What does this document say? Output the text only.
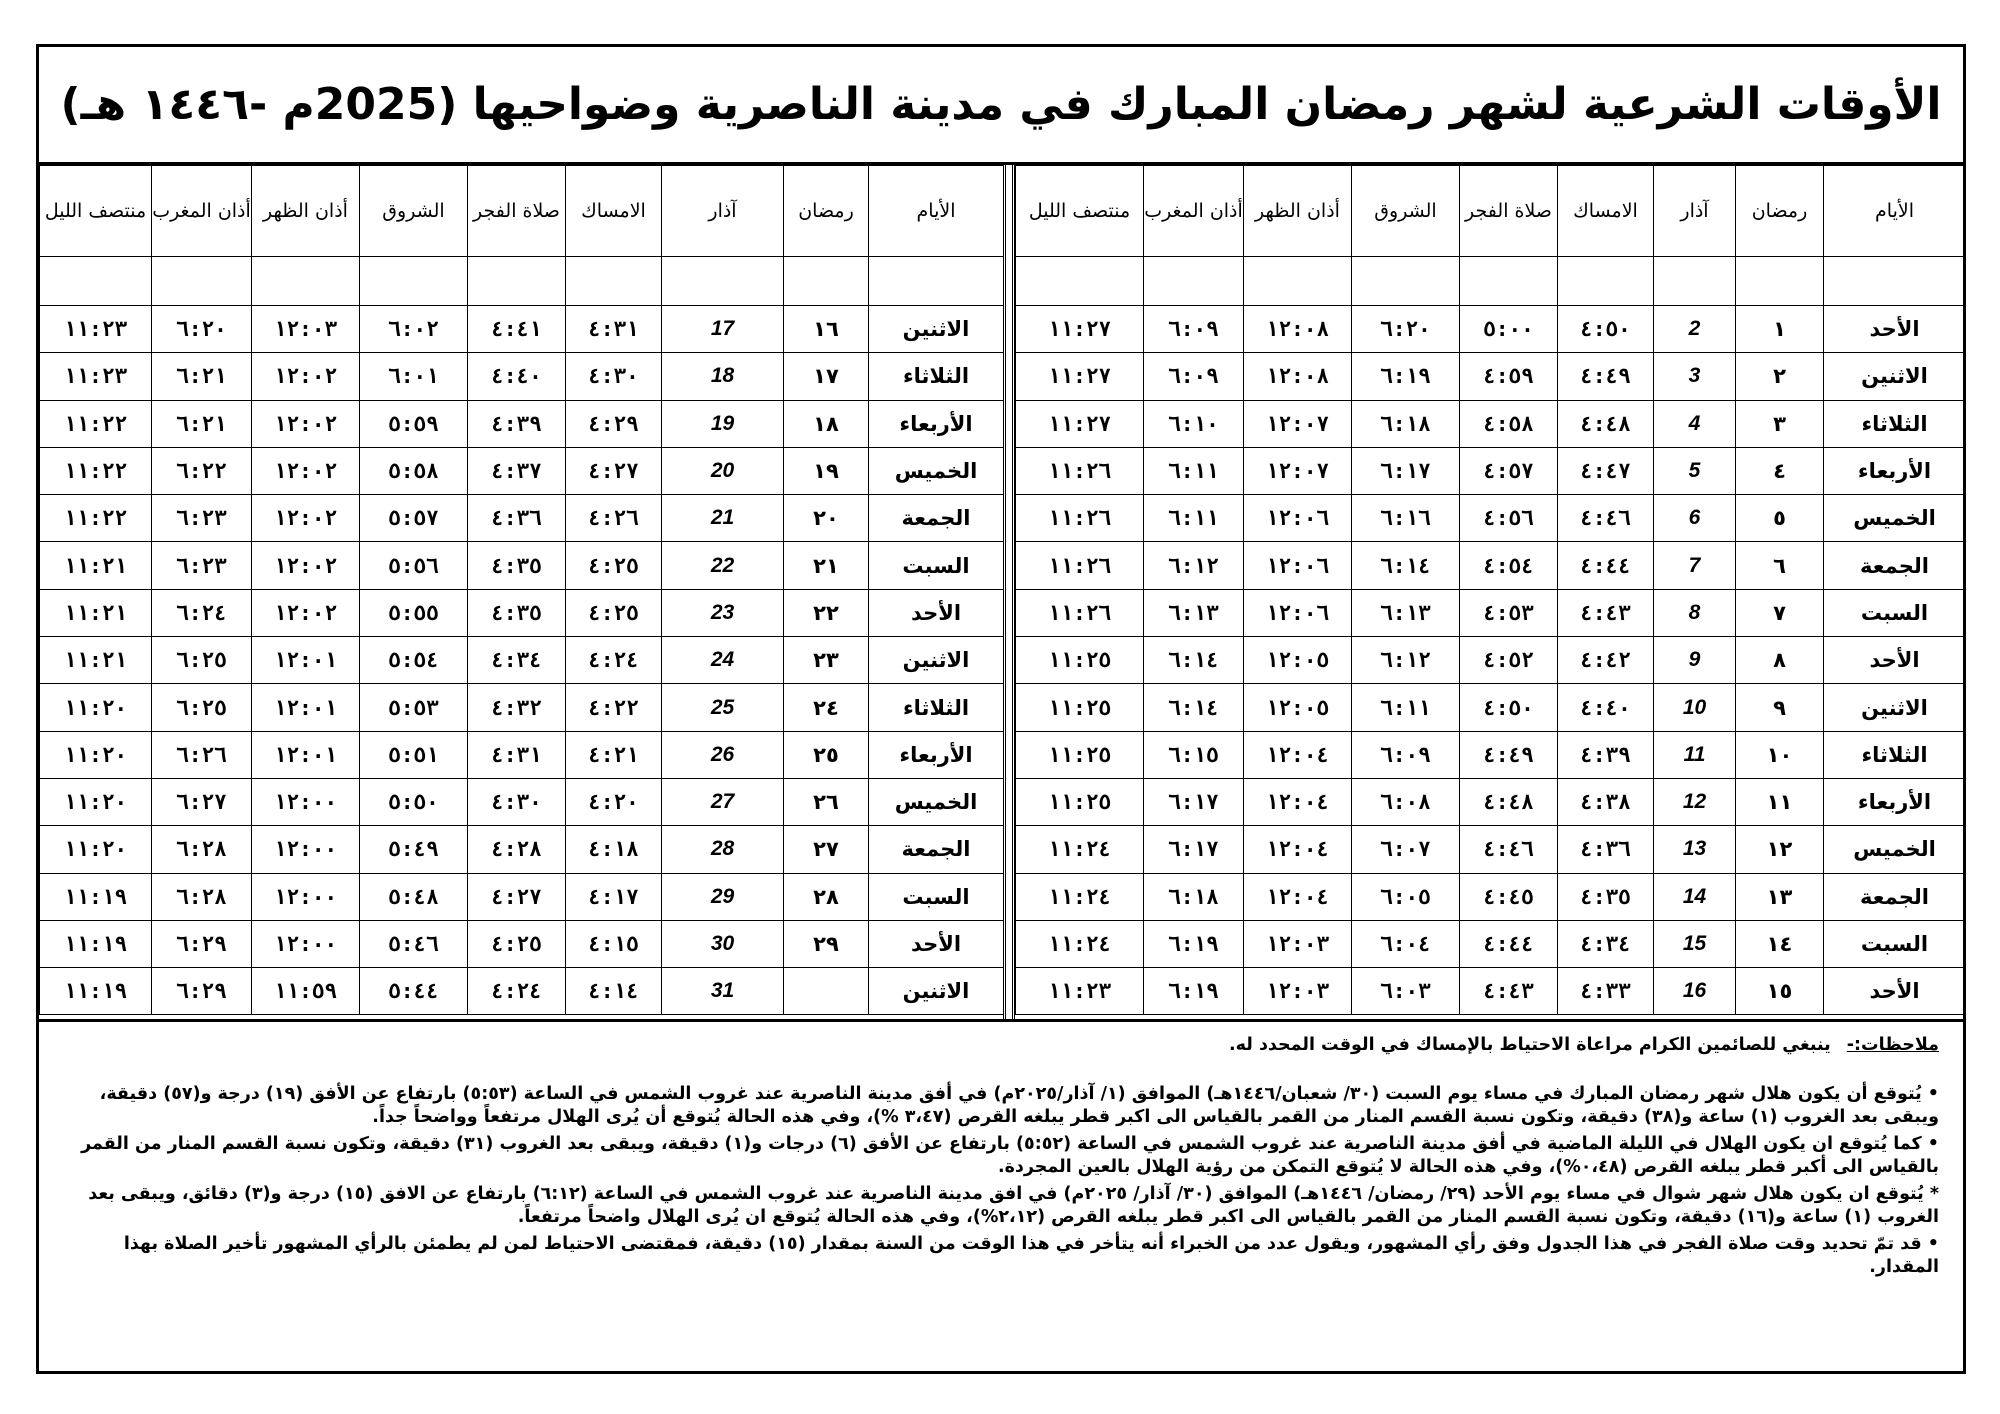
الأوقات الشرعية لشهر رمضان المبارك في مدينة الناصرية وضواحيها (2025م -١٤٤٦ هـ)
الأيام	رمضان	آذار	الامساك	صلاة الفجر	الشروق	أذان الظهر	أذان المغرب	منتصف الليل

الأحد	١	2	٤:٥٠	٥:٠٠	٦:٢٠	١٢:٠٨	٦:٠٩	١١:٢٧
الاثنين	٢	3	٤:٤٩	٤:٥٩	٦:١٩	١٢:٠٨	٦:٠٩	١١:٢٧
الثلاثاء	٣	4	٤:٤٨	٤:٥٨	٦:١٨	١٢:٠٧	٦:١٠	١١:٢٧
الأربعاء	٤	5	٤:٤٧	٤:٥٧	٦:١٧	١٢:٠٧	٦:١١	١١:٢٦
الخميس	٥	6	٤:٤٦	٤:٥٦	٦:١٦	١٢:٠٦	٦:١١	١١:٢٦
الجمعة	٦	7	٤:٤٤	٤:٥٤	٦:١٤	١٢:٠٦	٦:١٢	١١:٢٦
السبت	٧	8	٤:٤٣	٤:٥٣	٦:١٣	١٢:٠٦	٦:١٣	١١:٢٦
الأحد	٨	9	٤:٤٢	٤:٥٢	٦:١٢	١٢:٠٥	٦:١٤	١١:٢٥
الاثنين	٩	10	٤:٤٠	٤:٥٠	٦:١١	١٢:٠٥	٦:١٤	١١:٢٥
الثلاثاء	١٠	11	٤:٣٩	٤:٤٩	٦:٠٩	١٢:٠٤	٦:١٥	١١:٢٥
الأربعاء	١١	12	٤:٣٨	٤:٤٨	٦:٠٨	١٢:٠٤	٦:١٧	١١:٢٥
الخميس	١٢	13	٤:٣٦	٤:٤٦	٦:٠٧	١٢:٠٤	٦:١٧	١١:٢٤
الجمعة	١٣	14	٤:٣٥	٤:٤٥	٦:٠٥	١٢:٠٤	٦:١٨	١١:٢٤
السبت	١٤	15	٤:٣٤	٤:٤٤	٦:٠٤	١٢:٠٣	٦:١٩	١١:٢٤
الأحد	١٥	16	٤:٣٣	٤:٤٣	٦:٠٣	١٢:٠٣	٦:١٩	١١:٢٣
الأيام	رمضان	آذار	الامساك	صلاة الفجر	الشروق	أذان الظهر	أذان المغرب	منتصف الليل

الاثنين	١٦	17	٤:٣١	٤:٤١	٦:٠٢	١٢:٠٣	٦:٢٠	١١:٢٣
الثلاثاء	١٧	18	٤:٣٠	٤:٤٠	٦:٠١	١٢:٠٢	٦:٢١	١١:٢٣
الأربعاء	١٨	19	٤:٢٩	٤:٣٩	٥:٥٩	١٢:٠٢	٦:٢١	١١:٢٢
الخميس	١٩	20	٤:٢٧	٤:٣٧	٥:٥٨	١٢:٠٢	٦:٢٢	١١:٢٢
الجمعة	٢٠	21	٤:٢٦	٤:٣٦	٥:٥٧	١٢:٠٢	٦:٢٣	١١:٢٢
السبت	٢١	22	٤:٢٥	٤:٣٥	٥:٥٦	١٢:٠٢	٦:٢٣	١١:٢١
الأحد	٢٢	23	٤:٢٥	٤:٣٥	٥:٥٥	١٢:٠٢	٦:٢٤	١١:٢١
الاثنين	٢٣	24	٤:٢٤	٤:٣٤	٥:٥٤	١٢:٠١	٦:٢٥	١١:٢١
الثلاثاء	٢٤	25	٤:٢٢	٤:٣٢	٥:٥٣	١٢:٠١	٦:٢٥	١١:٢٠
الأربعاء	٢٥	26	٤:٢١	٤:٣١	٥:٥١	١٢:٠١	٦:٢٦	١١:٢٠
الخميس	٢٦	27	٤:٢٠	٤:٣٠	٥:٥٠	١٢:٠٠	٦:٢٧	١١:٢٠
الجمعة	٢٧	28	٤:١٨	٤:٢٨	٥:٤٩	١٢:٠٠	٦:٢٨	١١:٢٠
السبت	٢٨	29	٤:١٧	٤:٢٧	٥:٤٨	١٢:٠٠	٦:٢٨	١١:١٩
الأحد	٢٩	30	٤:١٥	٤:٢٥	٥:٤٦	١٢:٠٠	٦:٢٩	١١:١٩
الاثنين		31	٤:١٤	٤:٢٤	٥:٤٤	١١:٥٩	٦:٢٩	١١:١٩
ملاحظات:- ينبغي للصائمين الكرام مراعاة الاحتياط بالإمساك في الوقت المحدد له.

• يُتوقع أن يكون هلال شهر رمضان المبارك في مساء يوم السبت (٣٠/ شعبان/١٤٤٦هـ) الموافق (١/ آذار/٢٠٢٥م) في أفق مدينة الناصرية عند غروب الشمس في الساعة (٥:٥٣) بارتفاع عن الأفق (١٩) درجة و(٥٧) دقيقة، ويبقى بعد الغروب (١) ساعة و(٣٨) دقيقة، وتكون نسبة القسم المنار من القمر بالقياس الى اكبر قطر يبلغه القرص (٣،٤٧ %)، وفي هذه الحالة يُتوقع أن يُرى الهلال مرتفعاً وواضحاً جداً.

• كما يُتوقع ان يكون الهلال في الليلة الماضية في أفق مدينة الناصرية عند غروب الشمس في الساعة (٥:٥٢) بارتفاع عن الأفق (٦) درجات و(١) دقيقة، ويبقى بعد الغروب (٣١) دقيقة، وتكون نسبة القسم المنار من القمر بالقياس الى أكبر قطر يبلغه القرص (٠،٤٨%)، وفي هذه الحالة لا يُتوقع التمكن من رؤية الهلال بالعين المجردة.

* يُتوقع ان يكون هلال شهر شوال في مساء يوم الأحد (٢٩/ رمضان/ ١٤٤٦هـ) الموافق (٣٠/ آذار/ ٢٠٢٥م) في افق مدينة الناصرية عند غروب الشمس في الساعة (٦:١٢) بارتفاع عن الافق (١٥) درجة و(٣) دقائق، ويبقى بعد الغروب (١) ساعة و(١٦) دقيقة، وتكون نسبة القسم المنار من القمر بالقياس الى اكبر قطر يبلغه القرص (٢،١٢%)، وفي هذه الحالة يُتوقع ان يُرى الهلال واضحاً مرتفعاً.

• قد تمّ تحديد وقت صلاة الفجر في هذا الجدول وفق رأي المشهور، ويقول عدد من الخبراء أنه يتأخر في هذا الوقت من السنة بمقدار (١٥) دقيقة، فمقتضى الاحتياط لمن لم يطمئن بالرأي المشهور تأخير الصلاة بهذا المقدار.
